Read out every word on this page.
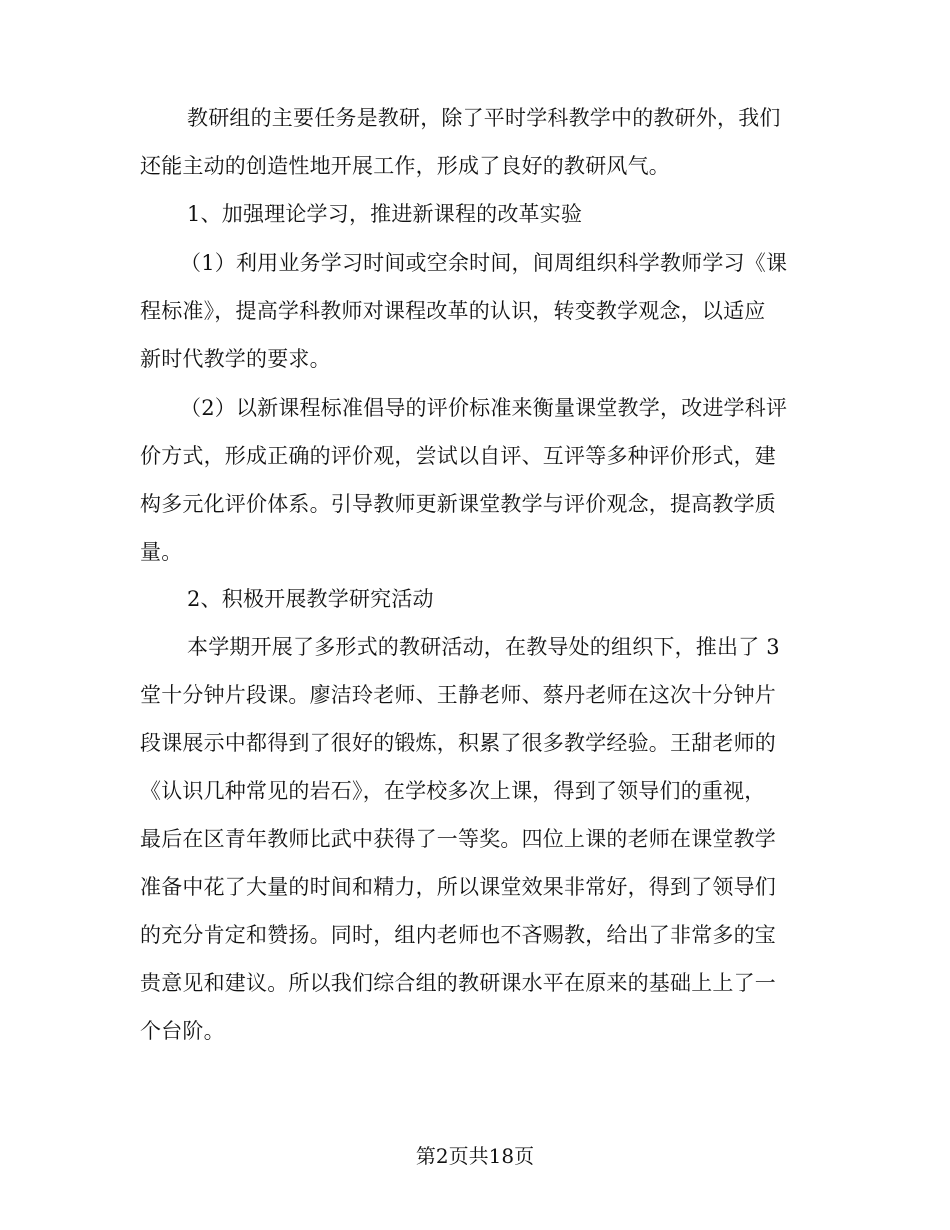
教研组的主要任务是教研，除了平时学科教学中的教研外，我们
还能主动的创造性地开展工作，形成了良好的教研风气。
1、加强理论学习，推进新课程的改革实验
（1）利用业务学习时间或空余时间，间周组织科学教师学习《课
程标准》，提高学科教师对课程改革的认识，转变教学观念，以适应
新时代教学的要求。
（2）以新课程标准倡导的评价标准来衡量课堂教学，改进学科评
价方式，形成正确的评价观，尝试以自评、互评等多种评价形式，建
构多元化评价体系。引导教师更新课堂教学与评价观念，提高教学质
量。
2、积极开展教学研究活动
本学期开展了多形式的教研活动，在教导处的组织下，推出了 3
堂十分钟片段课。廖洁玲老师、王静老师、蔡丹老师在这次十分钟片
段课展示中都得到了很好的锻炼，积累了很多教学经验。王甜老师的
《认识几种常见的岩石》，在学校多次上课，得到了领导们的重视，
最后在区青年教师比武中获得了一等奖。四位上课的老师在课堂教学
准备中花了大量的时间和精力，所以课堂效果非常好，得到了领导们
的充分肯定和赞扬。同时，组内老师也不吝赐教，给出了非常多的宝
贵意见和建议。所以我们综合组的教研课水平在原来的基础上上了一
个台阶。
第2页共18页
